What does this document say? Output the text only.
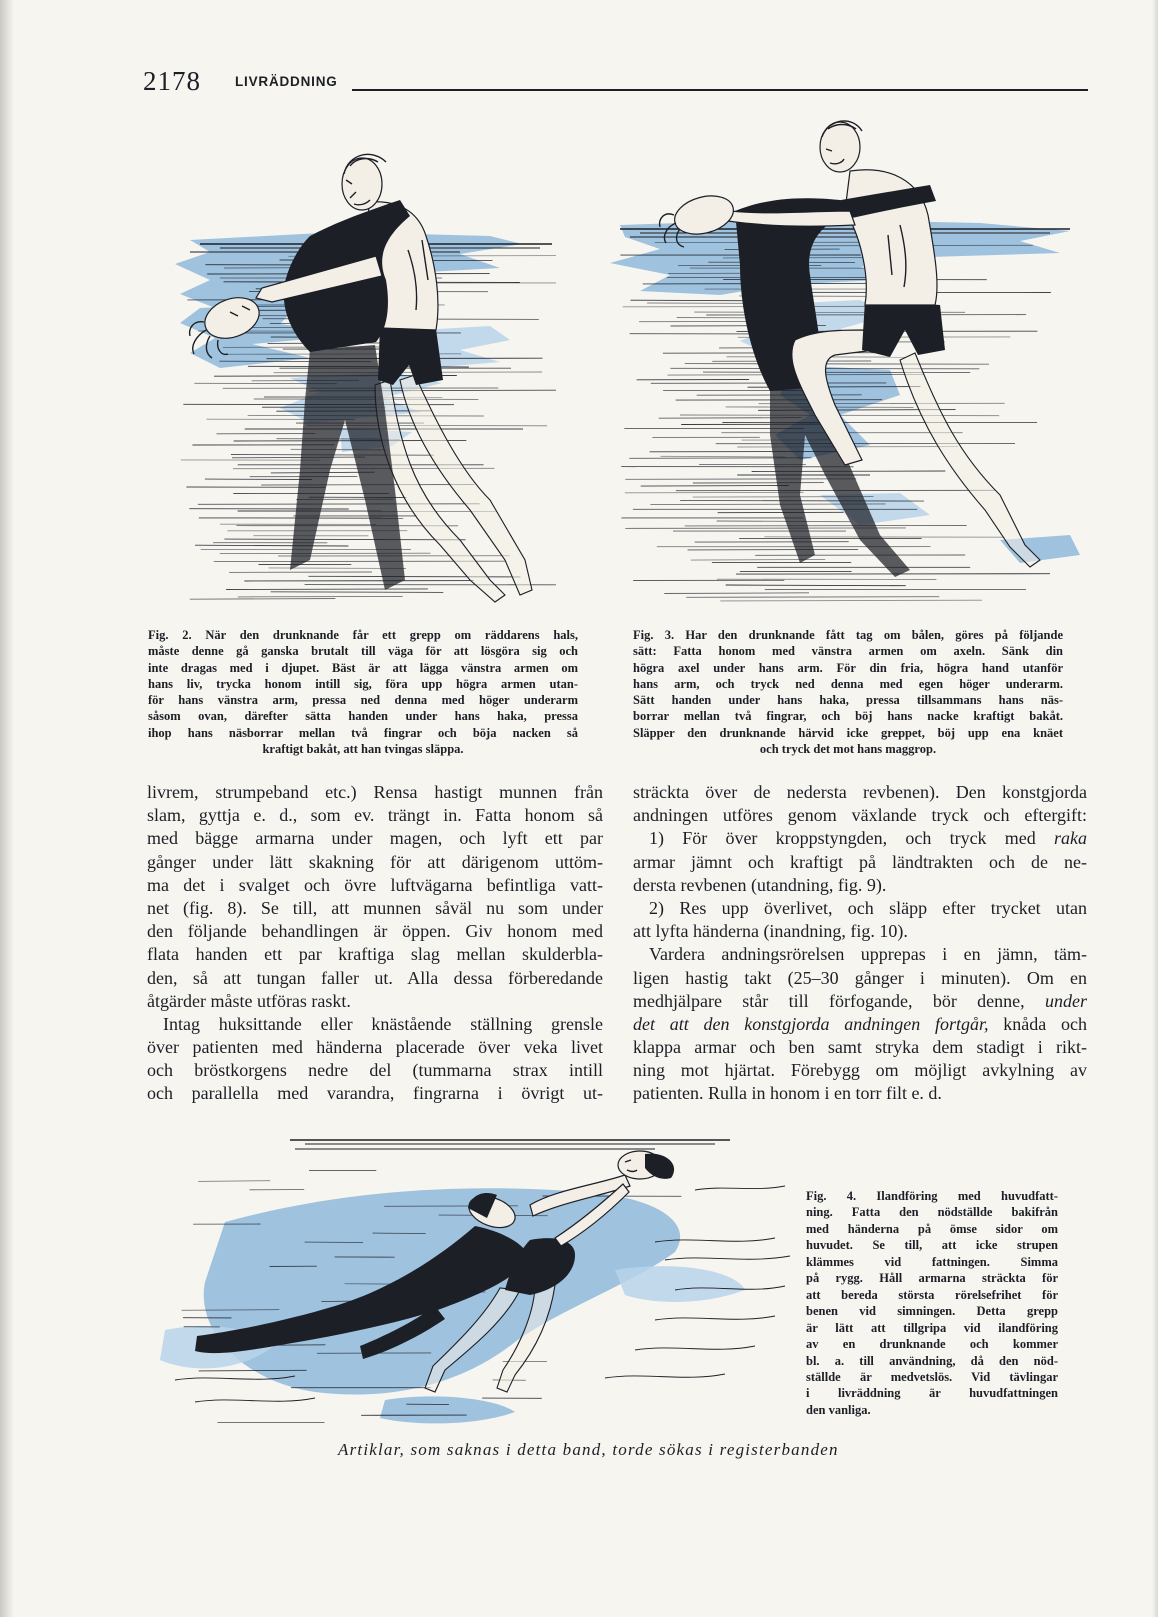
2178	LIVRÄDDNING
Fig. 2. När den drunknande får ett grepp om räddarens hals,
måste denne gå ganska brutalt till väga för att lösgöra sig och
inte dragas med i djupet. Bäst är att lägga vänstra armen om
hans liv, trycka honom intill sig, föra upp högra armen utan-
för hans vänstra arm, pressa ned denna med höger underarm
såsom ovan, därefter sätta handen under hans haka, pressa
ihop hans näsborrar mellan två fingrar och böja nacken så
kraftigt bakåt, att han tvingas släppa.
Fig. 3. Har den drunknande fått tag om bålen, göres på följande
sätt: Fatta honom med vänstra armen om axeln. Sänk din
högra axel under hans arm. För din fria, högra hand utanför
hans arm, och tryck ned denna med egen höger underarm.
Sätt handen under hans haka, pressa tillsammans hans näs-
borrar mellan två fingrar, och böj hans nacke kraftigt bakåt.
Släpper den drunknande härvid icke greppet, böj upp ena knäet
och tryck det mot hans maggrop.
livrem, strumpeband etc.) Rensa hastigt munnen från
slam, gyttja e. d., som ev. trängt in. Fatta honom så
med bägge armarna under magen, och lyft ett par
gånger under lätt skakning för att därigenom uttöm-
ma det i svalget och övre luftvägarna befintliga vatt-
net (fig. 8). Se till, att munnen såväl nu som under
den följande behandlingen är öppen. Giv honom med
flata handen ett par kraftiga slag mellan skulderbla-
den, så att tungan faller ut. Alla dessa förberedande
åtgärder måste utföras raskt.
Intag huksittande eller knästående ställning grensle
över patienten med händerna placerade över veka livet
och bröstkorgens nedre del (tummarna strax intill
och parallella med varandra, fingrarna i övrigt ut-
sträckta över de nedersta revbenen). Den konstgjorda
andningen utföres genom växlande tryck och eftergift:
1) För över kroppstyngden, och tryck med raka
armar jämnt och kraftigt på ländtrakten och de ne-
dersta revbenen (utandning, fig. 9).
2) Res upp överlivet, och släpp efter trycket utan
att lyfta händerna (inandning, fig. 10).
Vardera andningsrörelsen upprepas i en jämn, täm-
ligen hastig takt (25–30 gånger i minuten). Om en
medhjälpare står till förfogande, bör denne, under
det att den konstgjorda andningen fortgår, knåda och
klappa armar och ben samt stryka dem stadigt i rikt-
ning mot hjärtat. Förebygg om möjligt avkylning av
patienten. Rulla in honom i en torr filt e. d.
Fig. 4. Ilandföring med huvudfatt-
ning. Fatta den nödställde bakifrån
med händerna på ömse sidor om
huvudet. Se till, att icke strupen
klämmes vid fattningen. Simma
på rygg. Håll armarna sträckta för
att bereda största rörelsefrihet för
benen vid simningen. Detta grepp
är lätt att tillgripa vid ilandföring
av en drunknande och kommer
bl. a. till användning, då den nöd-
ställde är medvetslös. Vid tävlingar
i livräddning är huvudfattningen
den vanliga.
Artiklar, som saknas i detta band, torde sökas i registerbanden
